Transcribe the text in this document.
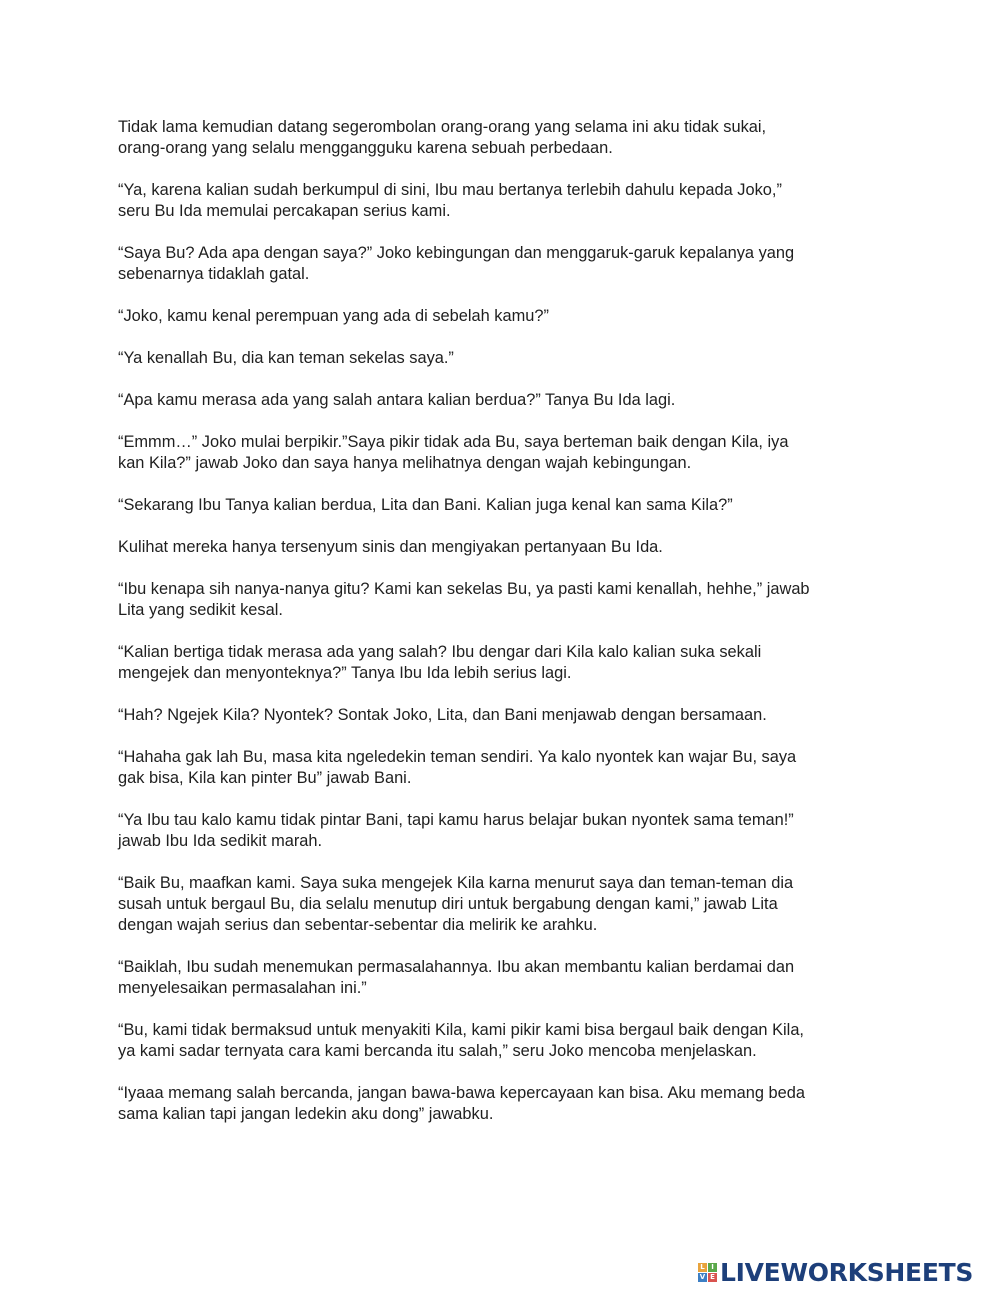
Tidak lama kemudian datang segerombolan orang-orang yang selama ini aku tidak sukai,
orang-orang yang selalu menggangguku karena sebuah perbedaan.

“Ya, karena kalian sudah berkumpul di sini, Ibu mau bertanya terlebih dahulu kepada Joko,”
seru Bu Ida memulai percakapan serius kami.

“Saya Bu? Ada apa dengan saya?” Joko kebingungan dan menggaruk-garuk kepalanya yang
sebenarnya tidaklah gatal.

“Joko, kamu kenal perempuan yang ada di sebelah kamu?”

“Ya kenallah Bu, dia kan teman sekelas saya.”

“Apa kamu merasa ada yang salah antara kalian berdua?” Tanya Bu Ida lagi.

“Emmm…” Joko mulai berpikir.”Saya pikir tidak ada Bu, saya berteman baik dengan Kila, iya
kan Kila?” jawab Joko dan saya hanya melihatnya dengan wajah kebingungan.

“Sekarang Ibu Tanya kalian berdua, Lita dan Bani. Kalian juga kenal kan sama Kila?”

Kulihat mereka hanya tersenyum sinis dan mengiyakan pertanyaan Bu Ida.

“Ibu kenapa sih nanya-nanya gitu? Kami kan sekelas Bu, ya pasti kami kenallah, hehhe,” jawab
Lita yang sedikit kesal.

“Kalian bertiga tidak merasa ada yang salah? Ibu dengar dari Kila kalo kalian suka sekali
mengejek dan menyonteknya?” Tanya Ibu Ida lebih serius lagi.

“Hah? Ngejek Kila? Nyontek? Sontak Joko, Lita, dan Bani menjawab dengan bersamaan.

“Hahaha gak lah Bu, masa kita ngeledekin teman sendiri. Ya kalo nyontek kan wajar Bu, saya
gak bisa, Kila kan pinter Bu” jawab Bani.

“Ya Ibu tau kalo kamu tidak pintar Bani, tapi kamu harus belajar bukan nyontek sama teman!”
jawab Ibu Ida sedikit marah.

“Baik Bu, maafkan kami. Saya suka mengejek Kila karna menurut saya dan teman-teman dia
susah untuk bergaul Bu, dia selalu menutup diri untuk bergabung dengan kami,” jawab Lita
dengan wajah serius dan sebentar-sebentar dia melirik ke arahku.

“Baiklah, Ibu sudah menemukan permasalahannya. Ibu akan membantu kalian berdamai dan
menyelesaikan permasalahan ini.”

“Bu, kami tidak bermaksud untuk menyakiti Kila, kami pikir kami bisa bergaul baik dengan Kila,
ya kami sadar ternyata cara kami bercanda itu salah,” seru Joko mencoba menjelaskan.

“Iyaaa memang salah bercanda, jangan bawa-bawa kepercayaan kan bisa. Aku memang beda
sama kalian tapi jangan ledekin aku dong” jawabku.

L I
V E LIVEWORKSHEETS
